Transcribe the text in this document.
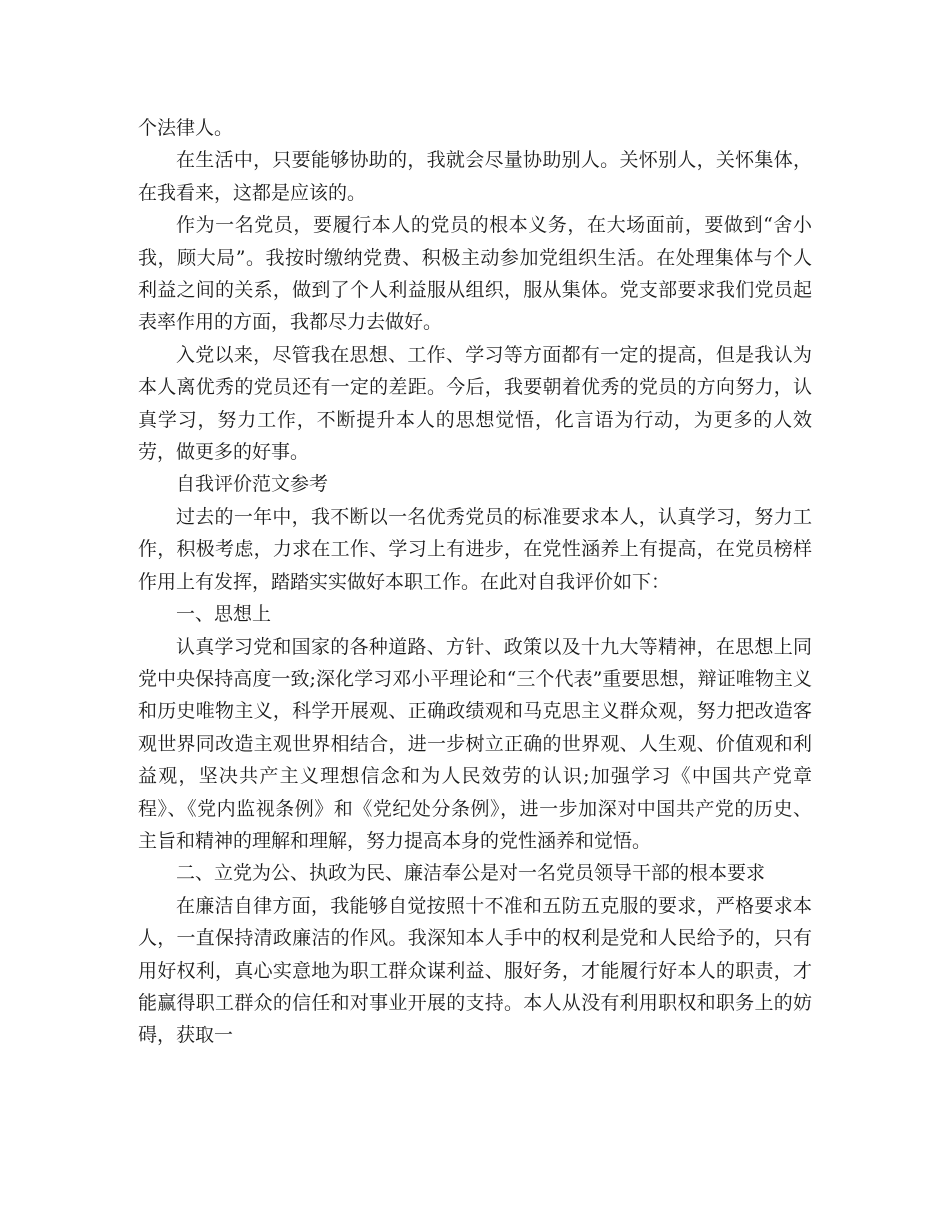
个法律人。

在生活中，只要能够协助的，我就会尽量协助别人。关怀别人，关怀集体，在我看来，这都是应该的。

作为一名党员，要履行本人的党员的根本义务，在大场面前，要做到“舍小我，顾大局”。我按时缴纳党费、积极主动参加党组织生活。在处理集体与个人利益之间的关系，做到了个人利益服从组织，服从集体。党支部要求我们党员起表率作用的方面，我都尽力去做好。

入党以来，尽管我在思想、工作、学习等方面都有一定的提高，但是我认为本人离优秀的党员还有一定的差距。今后，我要朝着优秀的党员的方向努力，认真学习，努力工作，不断提升本人的思想觉悟，化言语为行动，为更多的人效劳，做更多的好事。

自我评价范文参考

过去的一年中，我不断以一名优秀党员的标准要求本人，认真学习，努力工作，积极考虑，力求在工作、学习上有进步，在党性涵养上有提高，在党员榜样作用上有发挥，踏踏实实做好本职工作。在此对自我评价如下：

一、思想上

认真学习党和国家的各种道路、方针、政策以及十九大等精神，在思想上同党中央保持高度一致;深化学习邓小平理论和“三个代表”重要思想，辩证唯物主义和历史唯物主义，科学开展观、正确政绩观和马克思主义群众观，努力把改造客观世界同改造主观世界相结合，进一步树立正确的世界观、人生观、价值观和利益观，坚决共产主义理想信念和为人民效劳的认识;加强学习《中国共产党章程》、《党内监视条例》和《党纪处分条例》，进一步加深对中国共产党的历史、主旨和精神的理解和理解，努力提高本身的党性涵养和觉悟。

二、立党为公、执政为民、廉洁奉公是对一名党员领导干部的根本要求

在廉洁自律方面，我能够自觉按照十不准和五防五克服的要求，严格要求本人，一直保持清政廉洁的作风。我深知本人手中的权利是党和人民给予的，只有用好权利，真心实意地为职工群众谋利益、服好务，才能履行好本人的职责，才能赢得职工群众的信任和对事业开展的支持。本人从没有利用职权和职务上的妨碍，获取一
